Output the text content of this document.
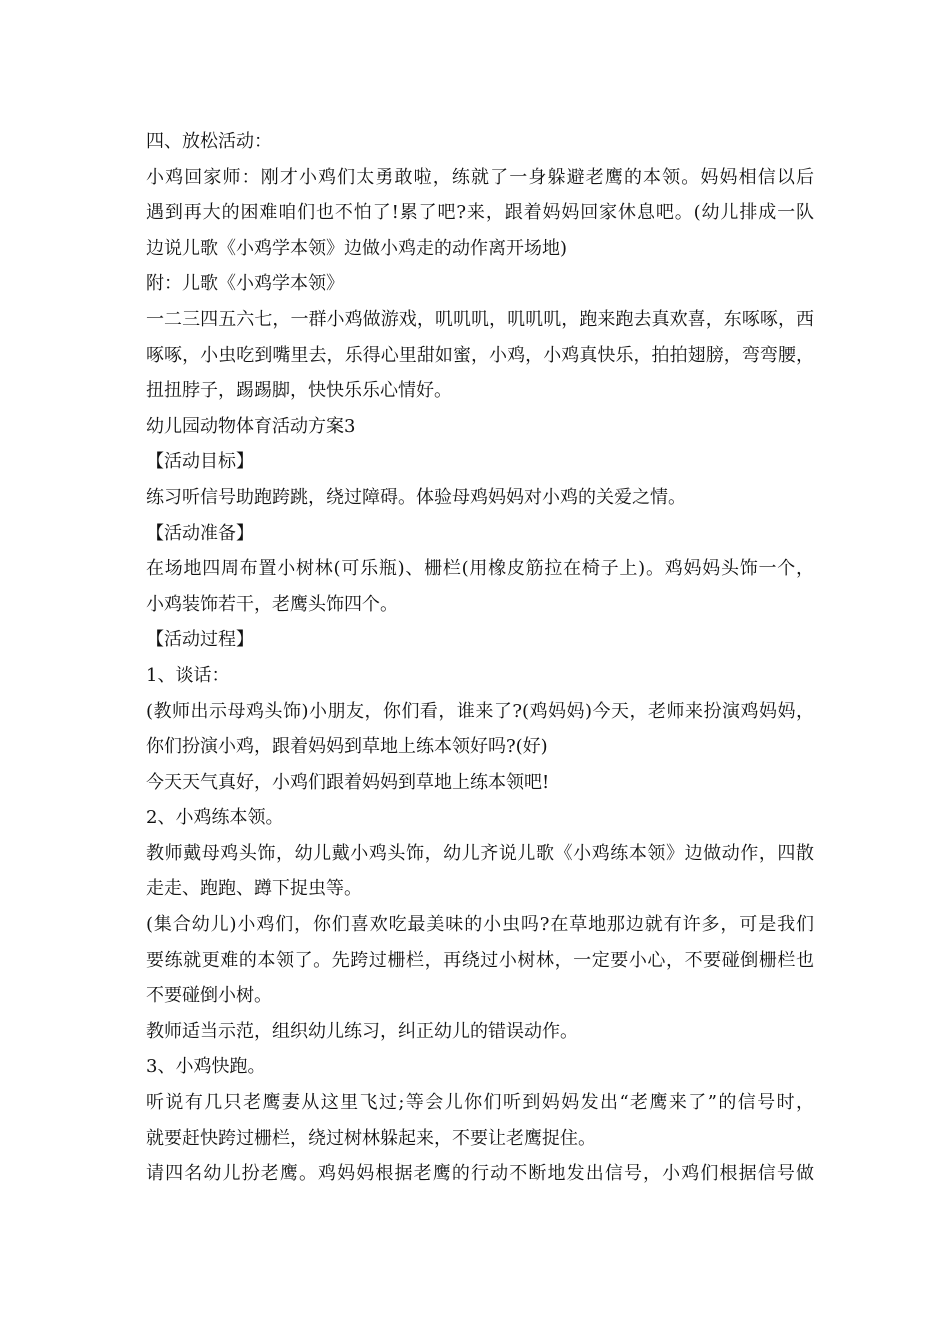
四、放松活动：
小鸡回家师：刚才小鸡们太勇敢啦，练就了一身躲避老鹰的本领。妈妈相信以后
遇到再大的困难咱们也不怕了!累了吧?来，跟着妈妈回家休息吧。(幼儿排成一队
边说儿歌《小鸡学本领》边做小鸡走的动作离开场地)
附：儿歌《小鸡学本领》
一二三四五六七，一群小鸡做游戏，叽叽叽，叽叽叽，跑来跑去真欢喜，东啄啄，西
啄啄，小虫吃到嘴里去，乐得心里甜如蜜，小鸡，小鸡真快乐，拍拍翅膀，弯弯腰，
扭扭脖子，踢踢脚，快快乐乐心情好。
幼儿园动物体育活动方案3
【活动目标】
练习听信号助跑跨跳，绕过障碍。体验母鸡妈妈对小鸡的关爱之情。
【活动准备】
在场地四周布置小树林(可乐瓶)、栅栏(用橡皮筋拉在椅子上)。鸡妈妈头饰一个，
小鸡装饰若干，老鹰头饰四个。
【活动过程】
1、谈话：
(教师出示母鸡头饰)小朋友，你们看，谁来了?(鸡妈妈)今天，老师来扮演鸡妈妈，
你们扮演小鸡，跟着妈妈到草地上练本领好吗?(好)
今天天气真好，小鸡们跟着妈妈到草地上练本领吧!
2、小鸡练本领。
教师戴母鸡头饰，幼儿戴小鸡头饰，幼儿齐说儿歌《小鸡练本领》边做动作，四散
走走、跑跑、蹲下捉虫等。
(集合幼儿)小鸡们，你们喜欢吃最美味的小虫吗?在草地那边就有许多，可是我们
要练就更难的本领了。先跨过栅栏，再绕过小树林，一定要小心，不要碰倒栅栏也
不要碰倒小树。
教师适当示范，组织幼儿练习，纠正幼儿的错误动作。
3、小鸡快跑。
听说有几只老鹰妻从这里飞过;等会儿你们听到妈妈发出“老鹰来了”的信号时，
就要赶快跨过栅栏，绕过树林躲起来，不要让老鹰捉住。
请四名幼儿扮老鹰。鸡妈妈根据老鹰的行动不断地发出信号，小鸡们根据信号做
